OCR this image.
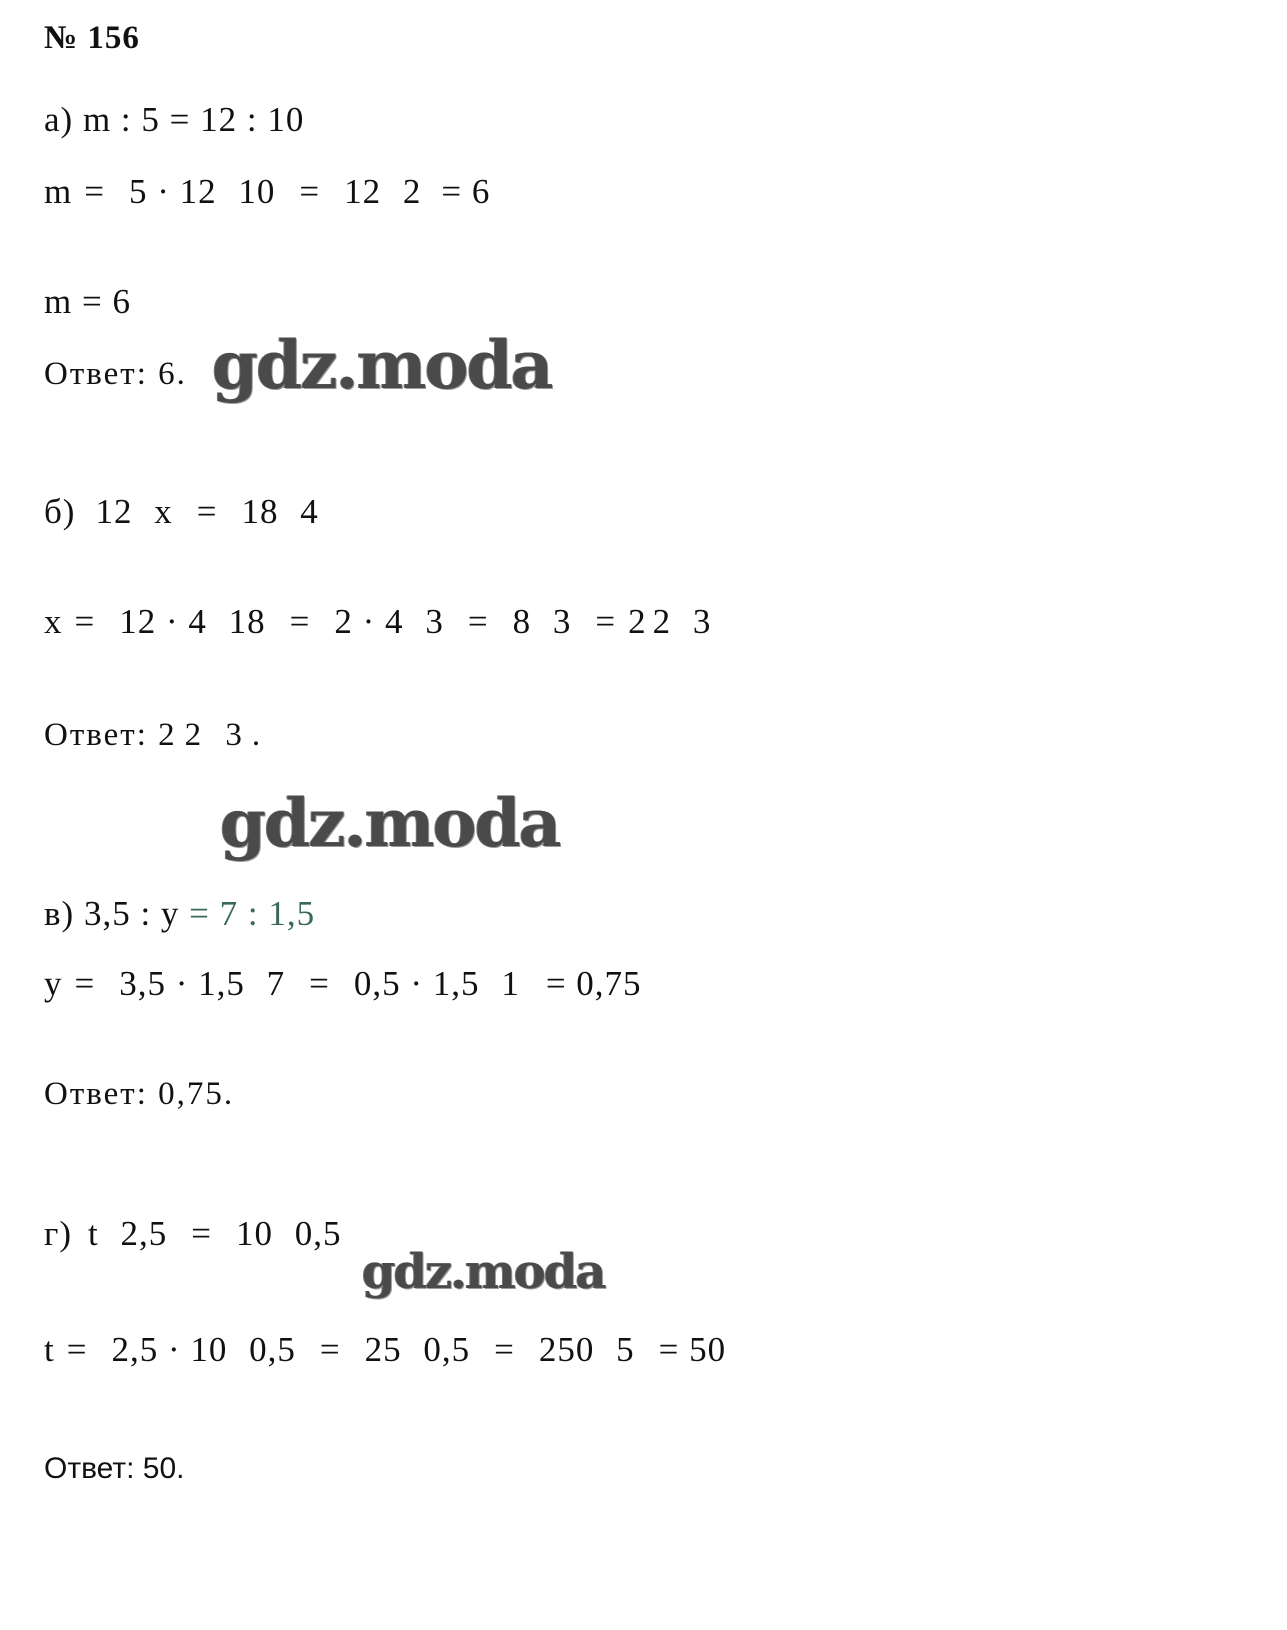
№ 156
а)
m : 5 = 12 : 10
m = 5 · 12 10 = 12 2 = 6
m = 6
Ответ: 6. gdz.moda
б) 12 x = 18 4
x = 12 · 4 18 = 2 · 4 3 = 8 3 = 2 2 3
Ответ: 2 2 3 .
gdz.moda
в)
3,5 : y
= 7 : 1,5
y = 3,5 · 1,5 7 = 0,5 · 1,5 1 = 0,75
Ответ: 0,75.
г) t 2,5 = 10 0,5
gdz.moda
t = 2,5 · 10 0,5 = 25 0,5 = 250 5 = 50
Ответ: 50.
